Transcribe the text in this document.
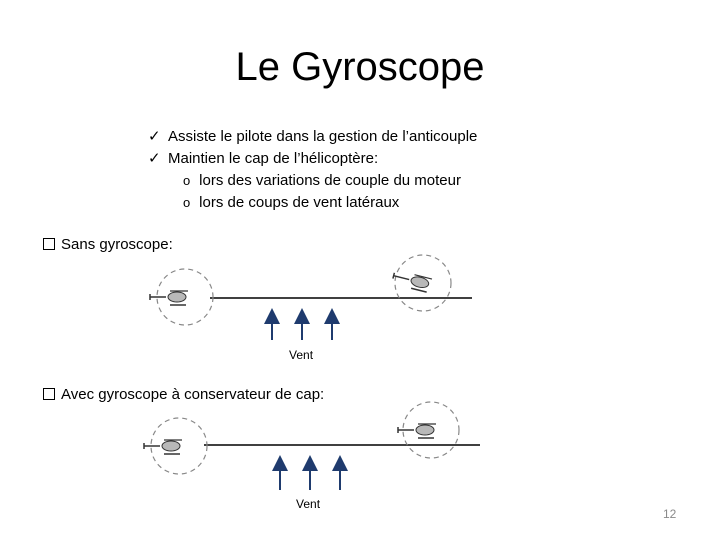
Le Gyroscope
✓ Assiste le pilote dans la gestion de l’anticouple
✓ Maintien le cap de l’hélicoptère:
o lors des variations de couple du moteur
o lors de coups de vent latéraux
Sans gyroscope:
Avec gyroscope à conservateur de cap:
Vent
Vent
12
